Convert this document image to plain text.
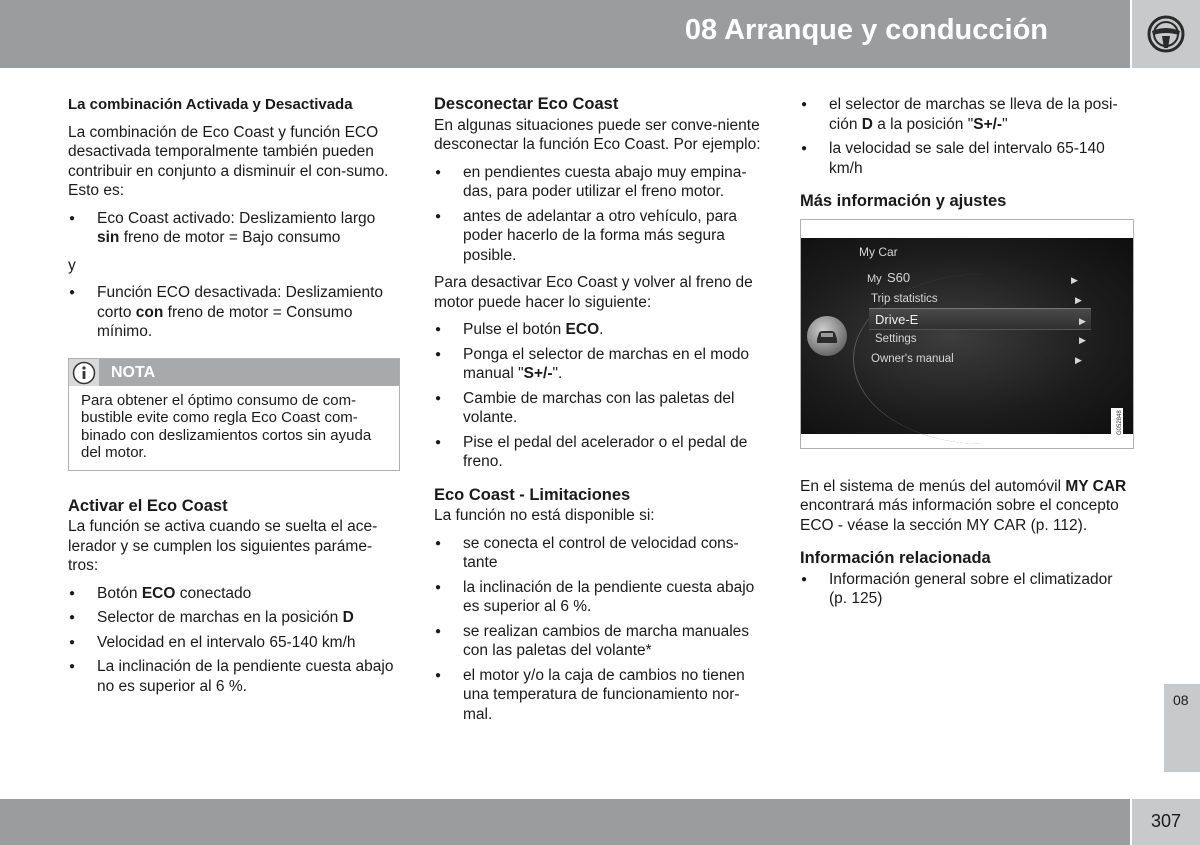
08 Arranque y conducción
La combinación Activada y Desactivada

La combinación de Eco Coast y función ECO desactivada temporalmente también pueden contribuir en conjunto a disminuir el con-sumo. Esto es:

● Eco Coast activado: Deslizamiento largo sin freno de motor = Bajo consumo
y
● Función ECO desactivada: Deslizamiento corto con freno de motor = Consumo mínimo.
NOTA
Para obtener el óptimo consumo de com-bustible evite como regla Eco Coast com-binado con deslizamientos cortos sin ayuda del motor.
Activar el Eco Coast

La función se activa cuando se suelta el ace-lerador y se cumplen los siguientes paráme-tros:

● Botón ECO conectado
● Selector de marchas en la posición D
● Velocidad en el intervalo 65-140 km/h
● La inclinación de la pendiente cuesta abajo no es superior al 6 %.
Desconectar Eco Coast

En algunas situaciones puede ser conve-niente desconectar la función Eco Coast. Por ejemplo:

● en pendientes cuesta abajo muy empina-das, para poder utilizar el freno motor.
● antes de adelantar a otro vehículo, para poder hacerlo de la forma más segura posible.

Para desactivar Eco Coast y volver al freno de motor puede hacer lo siguiente:

● Pulse el botón ECO.
● Ponga el selector de marchas en el modo manual "S+/-".
● Cambie de marchas con las paletas del volante.
● Pise el pedal del acelerador o el pedal de freno.
Eco Coast - Limitaciones

La función no está disponible si:

● se conecta el control de velocidad cons-tante
● la inclinación de la pendiente cuesta abajo es superior al 6 %.
● se realizan cambios de marcha manuales con las paletas del volante*
● el motor y/o la caja de cambios no tienen una temperatura de funcionamiento nor-mal.
● el selector de marchas se lleva de la posi-ción D a la posición "S+/-"
● la velocidad se sale del intervalo 65-140 km/h
Más información y ajustes
My Car
My S60	▶
Trip statistics	▶
Drive-E	▶
Settings	▶
Owner's manual	▶
G052848

En el sistema de menús del automóvil MY CAR encontrará más información sobre el concepto ECO - véase la sección MY CAR (p. 112).

Información relacionada
● Información general sobre el climatizador (p. 125)
08
307
